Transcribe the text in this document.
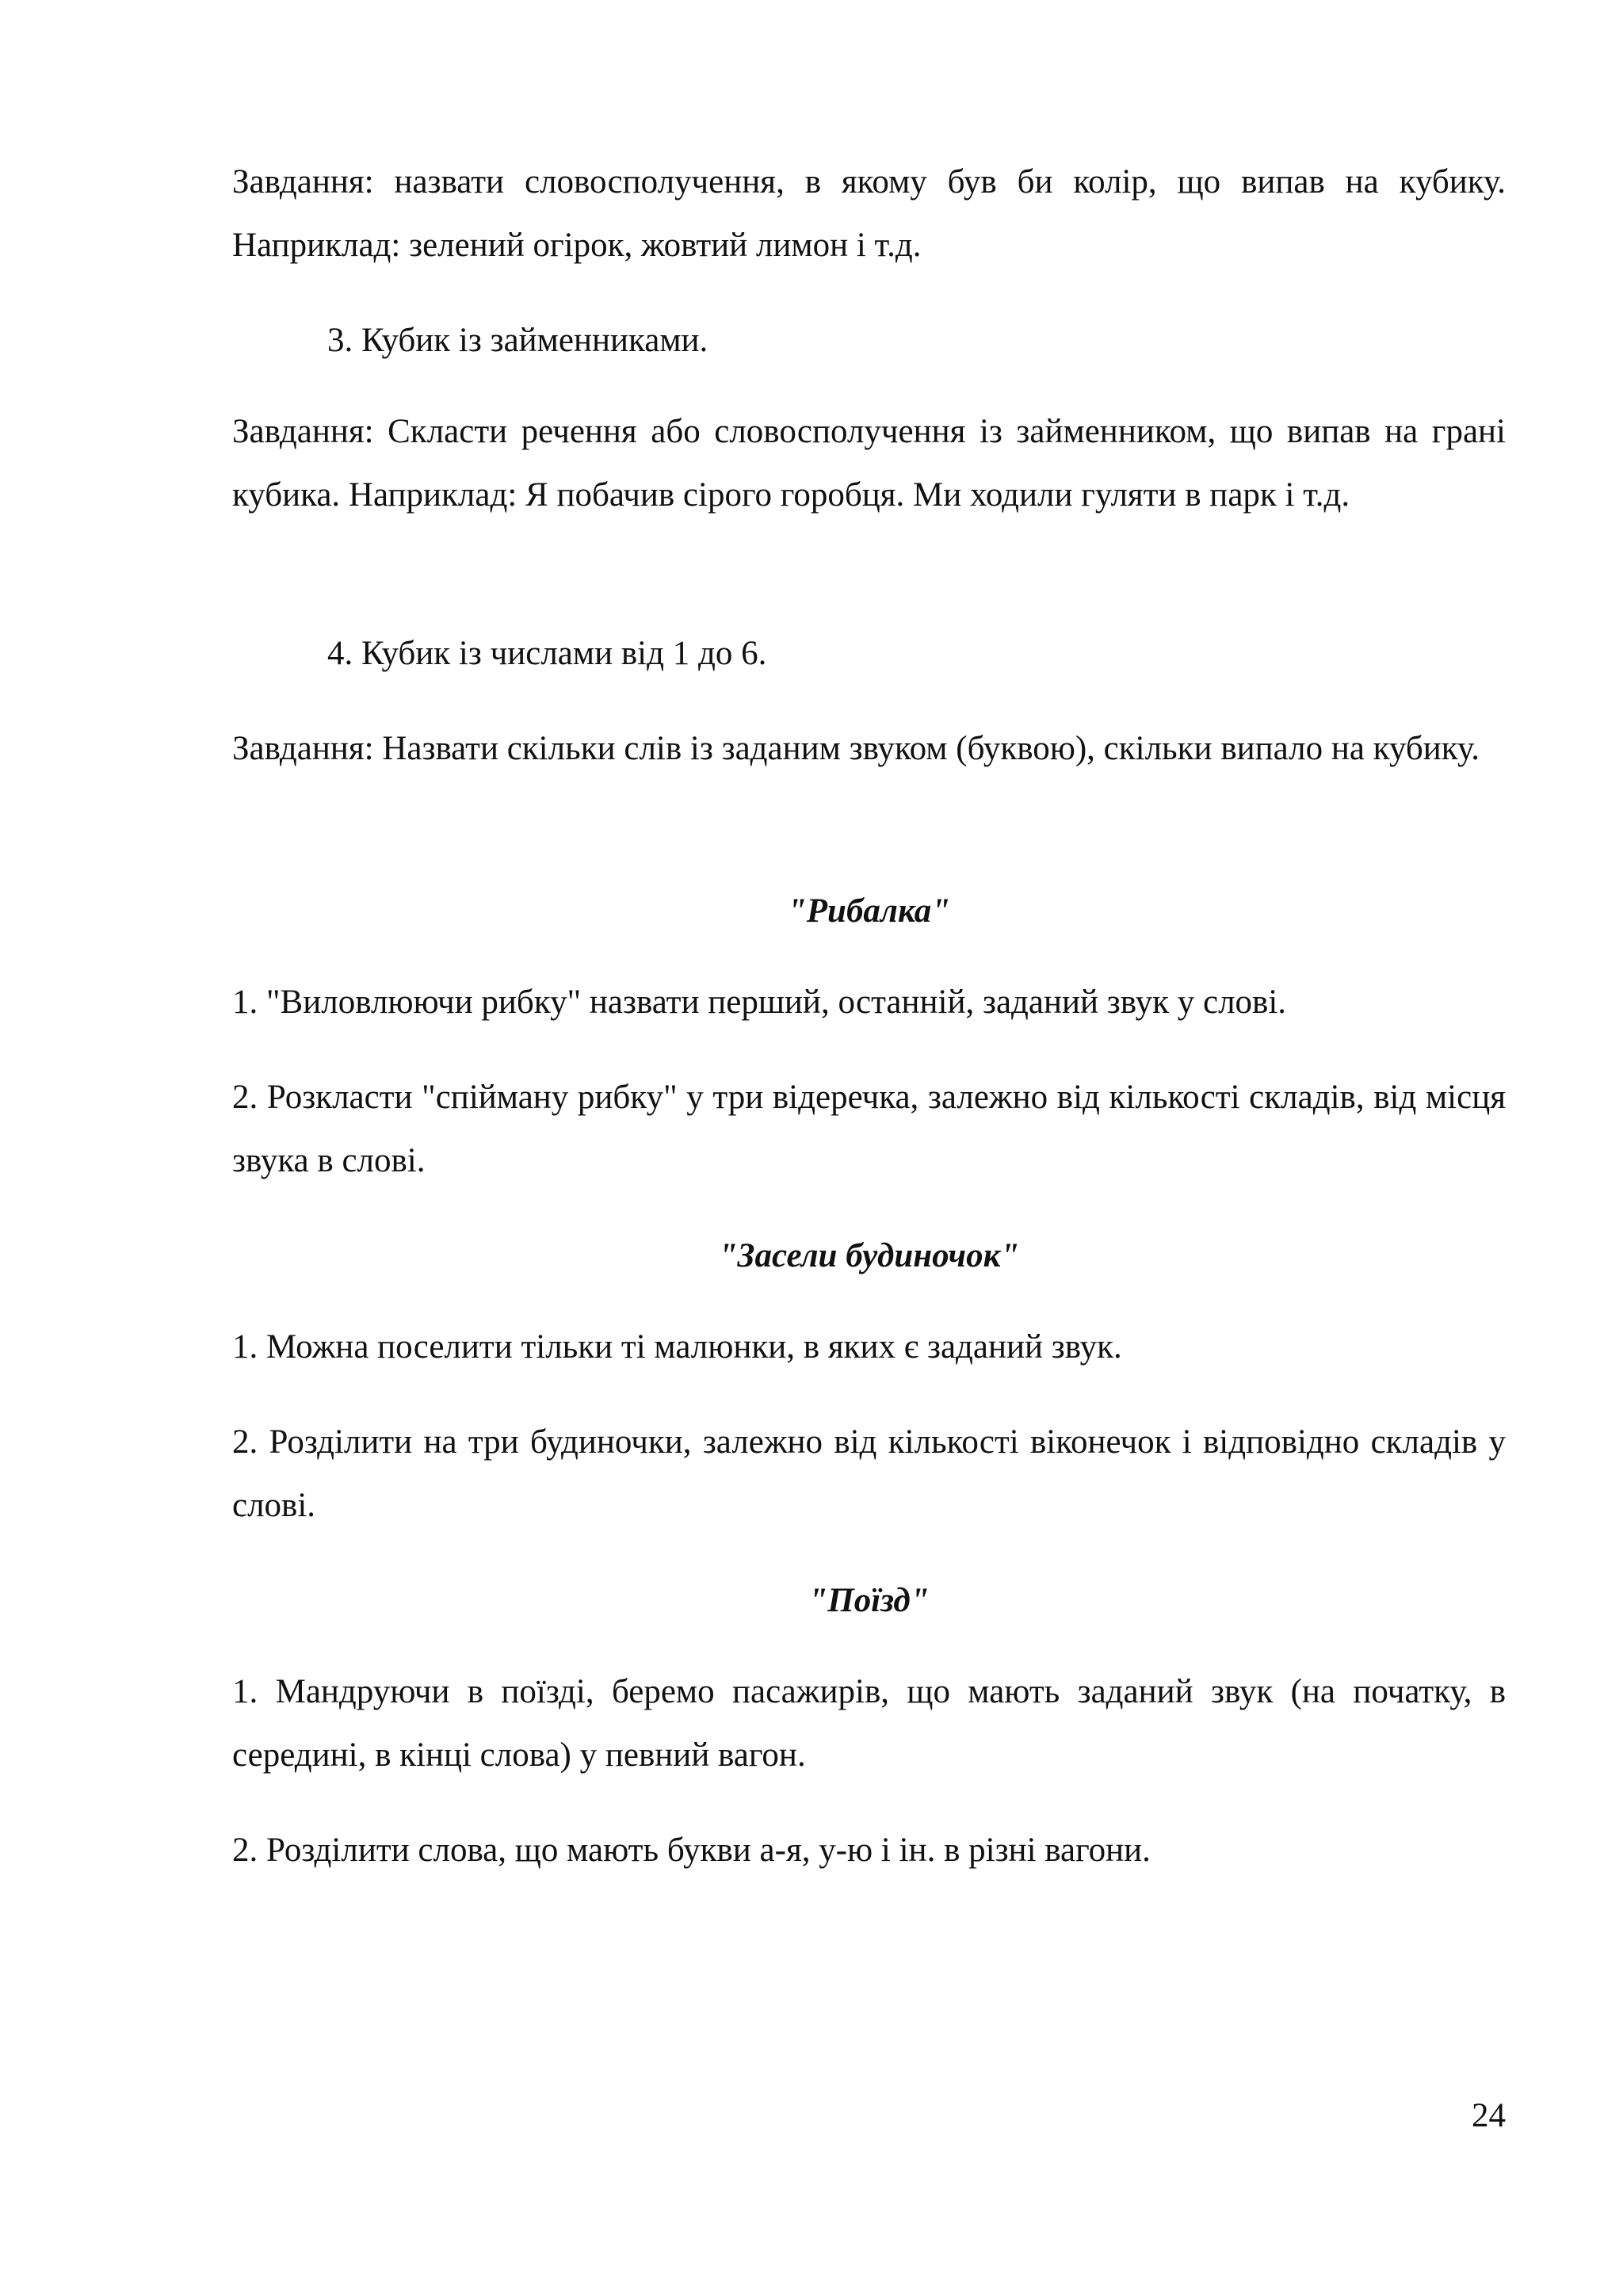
Завдання: назвати словосполучення, в якому був би колір, що випав на кубику. Наприклад: зелений огірок, жовтий лимон і т.д.

3. Кубик із займенниками.

Завдання: Скласти речення або словосполучення із займенником, що випав на грані кубика. Наприклад: Я побачив сірого горобця. Ми ходили гуляти в парк і т.д.

4. Кубик із числами від 1 до 6.

Завдання: Назвати скільки слів із заданим звуком (буквою), скільки випало на кубику.

"Рибалка"

1. "Виловлюючи рибку" назвати перший, останній, заданий звук у слові.

2. Розкласти "спійману рибку" у три відеречка, залежно від кількості складів, від місця звука в слові.

"Засели будиночок"

1. Можна поселити тільки ті малюнки, в яких є заданий звук.

2. Розділити на три будиночки, залежно від кількості віконечок і відповідно складів у слові.

"Поїзд"

1. Мандруючи в поїзді, беремо пасажирів, що мають заданий звук (на початку, в середині, в кінці слова) у певний вагон.

2. Розділити слова, що мають букви а-я, у-ю і ін. в різні вагони.

24
